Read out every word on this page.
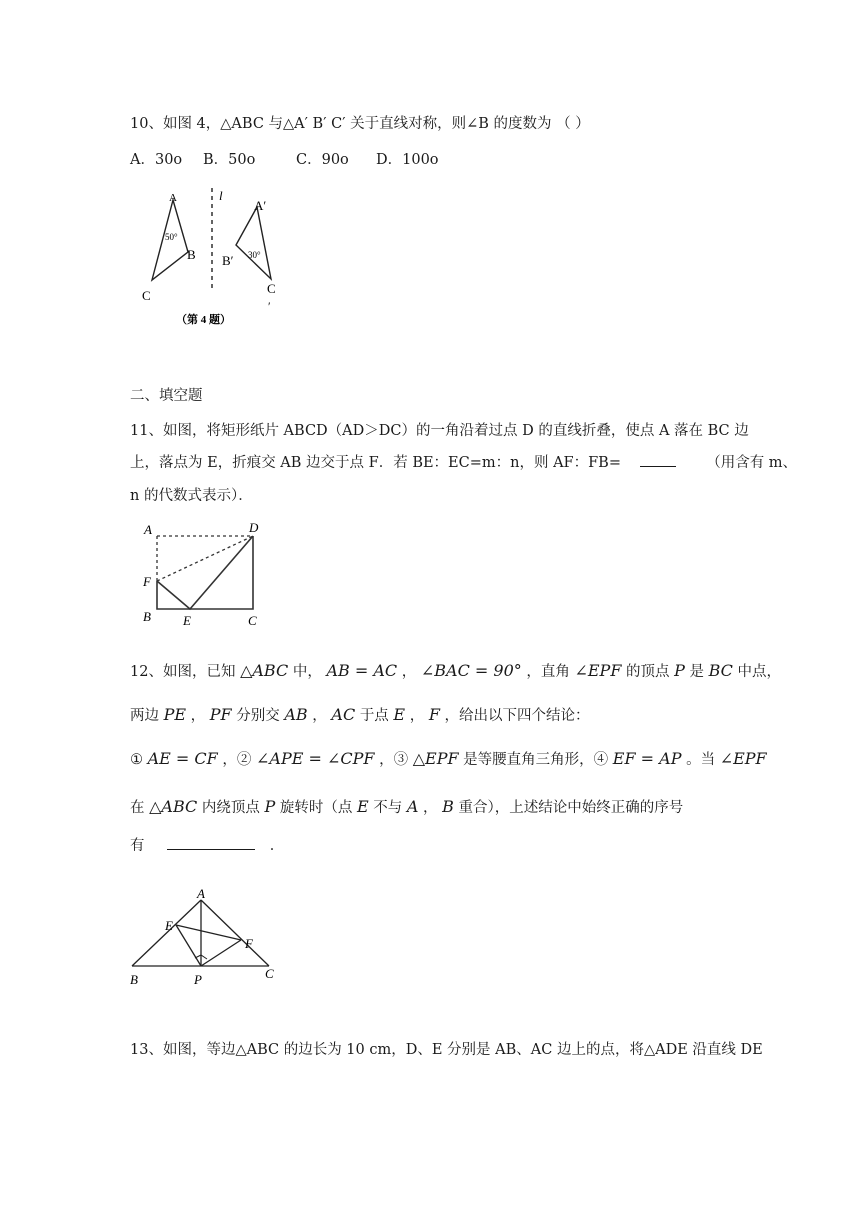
10、如图 4，△ABC 与△A′ B′ C′ 关于直线对称，则∠B 的度数为 （ ）
A．30o B．50o	C．90o D．100o
A
50°
B
C
l
A′
30°
B′
C
′
（第 4 题）
二、填空题
11、如图，将矩形纸片 ABCD（AD＞DC）的一角沿着过点 D 的直线折叠，使点 A 落在 BC 边
上，落点为 E，折痕交 AB 边交于点 F．若 BE：EC=m：n，则 AF：FB=	（用含有 m、
n 的代数式表示）．
A	D
F
B E	C
12、如图，已知 △ABC 中， AB = AC ， ∠BAC = 90° ，直角 ∠EPF 的顶点 P 是 BC 中点，
两边 PE ， PF 分别交 AB ， AC 于点 E ， F ，给出以下四个结论：
① AE = CF ，② ∠APE = ∠CPF ，③ △EPF 是等腰直角三角形，④ EF = AP 。当 ∠EPF
在 △ABC 内绕顶点 P 旋转时（点 E 不与 A ， B 重合），上述结论中始终正确的序号
有	．
A
E
F
B	P	C
13、如图，等边△ABC 的边长为 10 cm，D、E 分别是 AB、AC 边上的点，将△ADE 沿直线 DE
